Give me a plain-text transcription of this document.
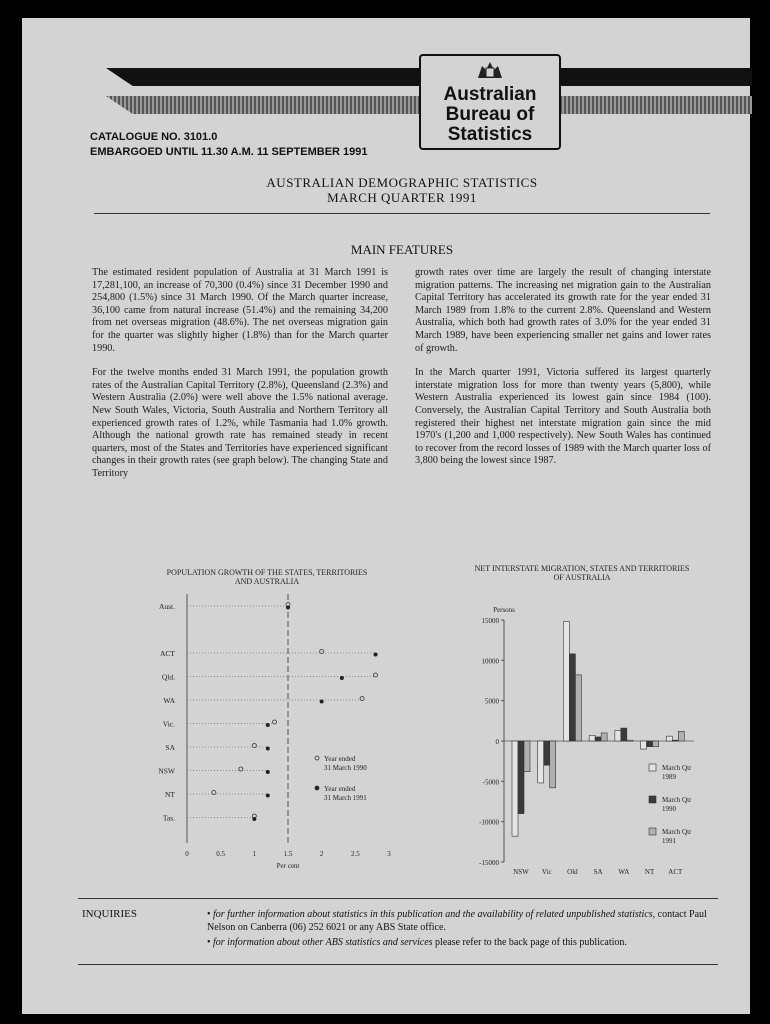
Australian
Bureau of
Statistics
CATALOGUE NO. 3101.0
EMBARGOED UNTIL 11.30 A.M. 11 SEPTEMBER 1991
AUSTRALIAN DEMOGRAPHIC STATISTICS
MARCH QUARTER 1991
MAIN FEATURES

The estimated resident population of Australia at 31 March 1991 is 17,281,100, an increase of 70,300 (0.4%) since 31 December 1990 and 254,800 (1.5%) since 31 March 1990. Of the March quarter increase, 36,100 came from natural increase (51.4%) and the remaining 34,200 from net overseas migration (48.6%). The net overseas migration gain for the quarter was slightly higher (1.8%) than for the March quarter 1990.

For the twelve months ended 31 March 1991, the population growth rates of the Australian Capital Territory (2.8%), Queensland (2.3%) and Western Australia (2.0%) were well above the 1.5% national average. New South Wales, Victoria, South Australia and Northern Territory all experienced growth rates of 1.2%, while Tasmania had 1.0% growth. Although the national growth rate has remained steady in recent quarters, most of the States and Territories have experienced significant changes in their growth rates (see graph below). The changing State and Territory

growth rates over time are largely the result of changing interstate migration patterns. The increasing net migration gain to the Australian Capital Territory has accelerated its growth rate for the year ended 31 March 1989 from 1.8% to the current 2.8%. Queensland and Western Australia, which both had growth rates of 3.0% for the year ended 31 March 1989, have been experiencing smaller net gains and lower rates of growth.

In the March quarter 1991, Victoria suffered its largest quarterly interstate migration loss for more than twenty years (5,800), while Western Australia experienced its lowest gain since 1984 (100). Conversely, the Australian Capital Territory and South Australia both registered their highest net interstate migration gain since the mid 1970's (1,200 and 1,000 respectively). New South Wales has continued to recover from the record losses of 1989 with the March quarter loss of 3,800 being the lowest since 1987.

POPULATION GROWTH OF THE STATES, TERRITORIES AND AUSTRALIA
Aust.
ACT
Qld.
WA
Vic.
SA
NSW
NT
Tas.
0	0.5	1	1.5	2	2.5	3
Per cent
Year ended
31 March 1990
Year ended
31 March 1991
NET INTERSTATE MIGRATION, STATES AND TERRITORIES OF AUSTRALIA
Persons
15000
10000
5000
0
-5000
-10000
-15000
NSW Vic Qld SA WA NT ACT
March Qtr
1989
March Qtr
1990
March Qtr
1991
INQUIRIES	• for further information about statistics in this publication and the availability of related unpublished statistics, contact Paul Nelson on Canberra (06) 252 6021 or any ABS State office.
• for information about other ABS statistics and services please refer to the back page of this publication.
